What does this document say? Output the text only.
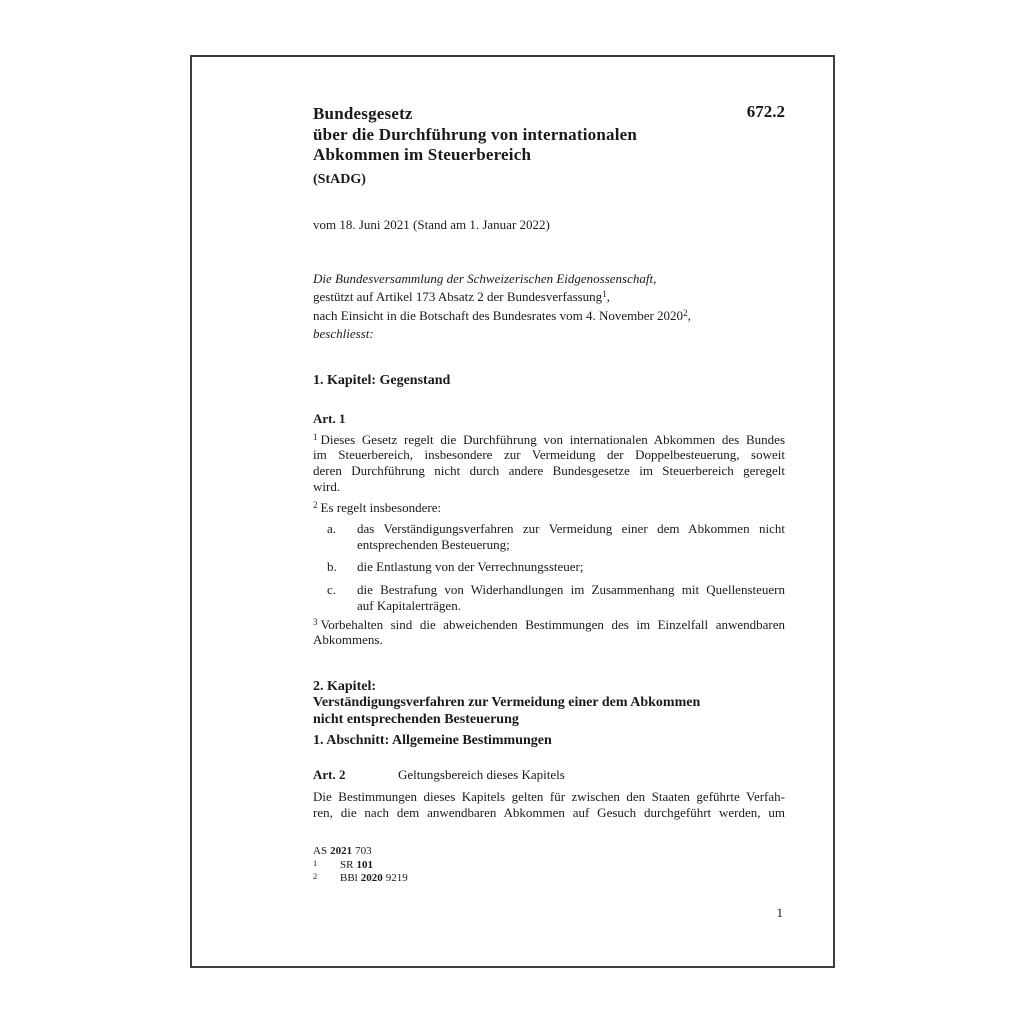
672.2
Bundesgesetz
über die Durchführung von internationalen
Abkommen im Steuerbereich
(StADG)
vom 18. Juni 2021 (Stand am 1. Januar 2022)
Die Bundesversammlung der Schweizerischen Eidgenossenschaft,
gestützt auf Artikel 173 Absatz 2 der Bundesverfassung$^1$,
nach Einsicht in die Botschaft des Bundesrates vom 4. November 2020$^2$,
beschliesst:
1. Kapitel: Gegenstand
Art. 1
$^1$ Dieses Gesetz regelt die Durchführung von internationalen Abkommen des Bundes
im Steuerbereich, insbesondere zur Vermeidung der Doppelbesteuerung, soweit
deren Durchführung nicht durch andere Bundesgesetze im Steuerbereich geregelt
wird.
$^2$ Es regelt insbesondere:
a. das Verständigungsverfahren zur Vermeidung einer dem Abkommen nicht
entsprechenden Besteuerung;
b. die Entlastung von der Verrechnungssteuer;
c. die Bestrafung von Widerhandlungen im Zusammenhang mit Quellensteuern
auf Kapitalerträgen.
$^3$ Vorbehalten sind die abweichenden Bestimmungen des im Einzelfall anwendbaren
Abkommens.
2. Kapitel:
Verständigungsverfahren zur Vermeidung einer dem Abkommen
nicht entsprechenden Besteuerung
1. Abschnitt: Allgemeine Bestimmungen
Art. 2	Geltungsbereich dieses Kapitels
Die Bestimmungen dieses Kapitels gelten für zwischen den Staaten geführte Verfah-
ren, die nach dem anwendbaren Abkommen auf Gesuch durchgeführt werden, um
AS 2021 703
1 SR 101
2 BBl 2020 9219
1
